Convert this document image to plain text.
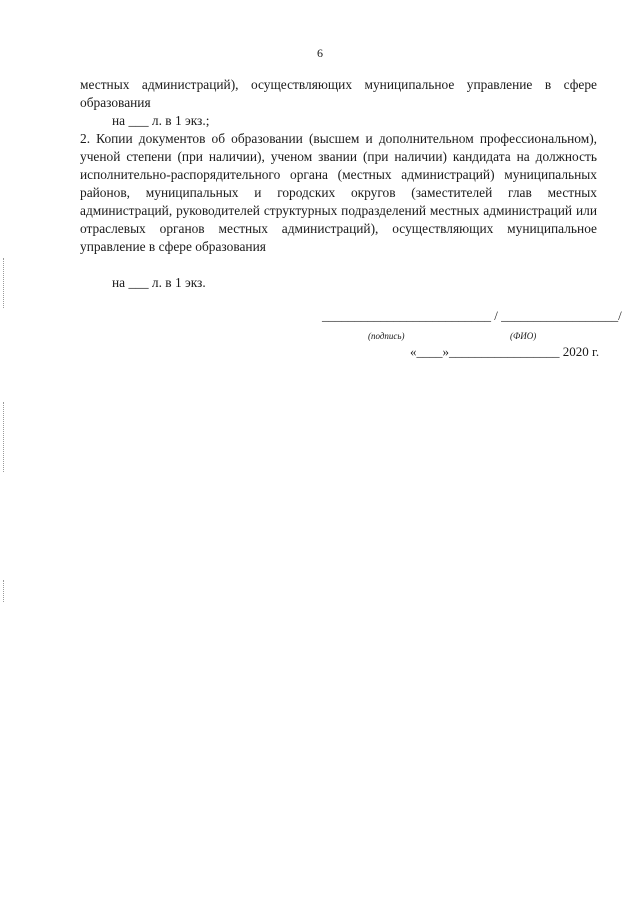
6

местных администраций), осуществляющих муниципальное управление в сфере образования

на ___ л. в 1 экз.;

2. Копии документов об образовании (высшем и дополнительном профессиональном), ученой степени (при наличии), ученом звании (при наличии) кандидата на должность исполнительно-распорядительного органа (местных администраций) муниципальных районов, муниципальных и городских округов (заместителей глав местных администраций, руководителей структурных подразделений местных администраций или отраслевых органов местных администраций), осуществляющих муниципальное управление в сфере образования

на ___ л. в 1 экз.
__________________________ / __________________/
(подпись)	(ФИО)
«____»_________________ 2020 г.
